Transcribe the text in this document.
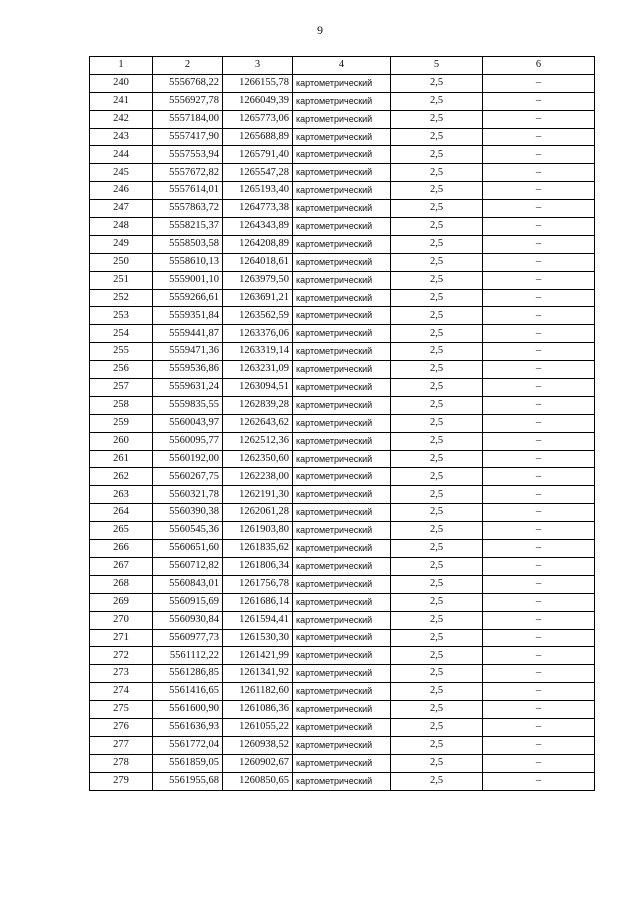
9
1	2	3	4	5	6
240	5556768,22	1266155,78	картометрический	2,5	–
241	5556927,78	1266049,39	картометрический	2,5	–
242	5557184,00	1265773,06	картометрический	2,5	–
243	5557417,90	1265688,89	картометрический	2,5	–
244	5557553,94	1265791,40	картометрический	2,5	–
245	5557672,82	1265547,28	картометрический	2,5	–
246	5557614,01	1265193,40	картометрический	2,5	–
247	5557863,72	1264773,38	картометрический	2,5	–
248	5558215,37	1264343,89	картометрический	2,5	–
249	5558503,58	1264208,89	картометрический	2,5	–
250	5558610,13	1264018,61	картометрический	2,5	–
251	5559001,10	1263979,50	картометрический	2,5	–
252	5559266,61	1263691,21	картометрический	2,5	–
253	5559351,84	1263562,59	картометрический	2,5	–
254	5559441,87	1263376,06	картометрический	2,5	–
255	5559471,36	1263319,14	картометрический	2,5	–
256	5559536,86	1263231,09	картометрический	2,5	–
257	5559631,24	1263094,51	картометрический	2,5	–
258	5559835,55	1262839,28	картометрический	2,5	–
259	5560043,97	1262643,62	картометрический	2,5	–
260	5560095,77	1262512,36	картометрический	2,5	–
261	5560192,00	1262350,60	картометрический	2,5	–
262	5560267,75	1262238,00	картометрический	2,5	–
263	5560321,78	1262191,30	картометрический	2,5	–
264	5560390,38	1262061,28	картометрический	2,5	–
265	5560545,36	1261903,80	картометрический	2,5	–
266	5560651,60	1261835,62	картометрический	2,5	–
267	5560712,82	1261806,34	картометрический	2,5	–
268	5560843,01	1261756,78	картометрический	2,5	–
269	5560915,69	1261686,14	картометрический	2,5	–
270	5560930,84	1261594,41	картометрический	2,5	–
271	5560977,73	1261530,30	картометрический	2,5	–
272	5561112,22	1261421,99	картометрический	2,5	–
273	5561286,85	1261341,92	картометрический	2,5	–
274	5561416,65	1261182,60	картометрический	2,5	–
275	5561600,90	1261086,36	картометрический	2,5	–
276	5561636,93	1261055,22	картометрический	2,5	–
277	5561772,04	1260938,52	картометрический	2,5	–
278	5561859,05	1260902,67	картометрический	2,5	–
279	5561955,68	1260850,65	картометрический	2,5	–
